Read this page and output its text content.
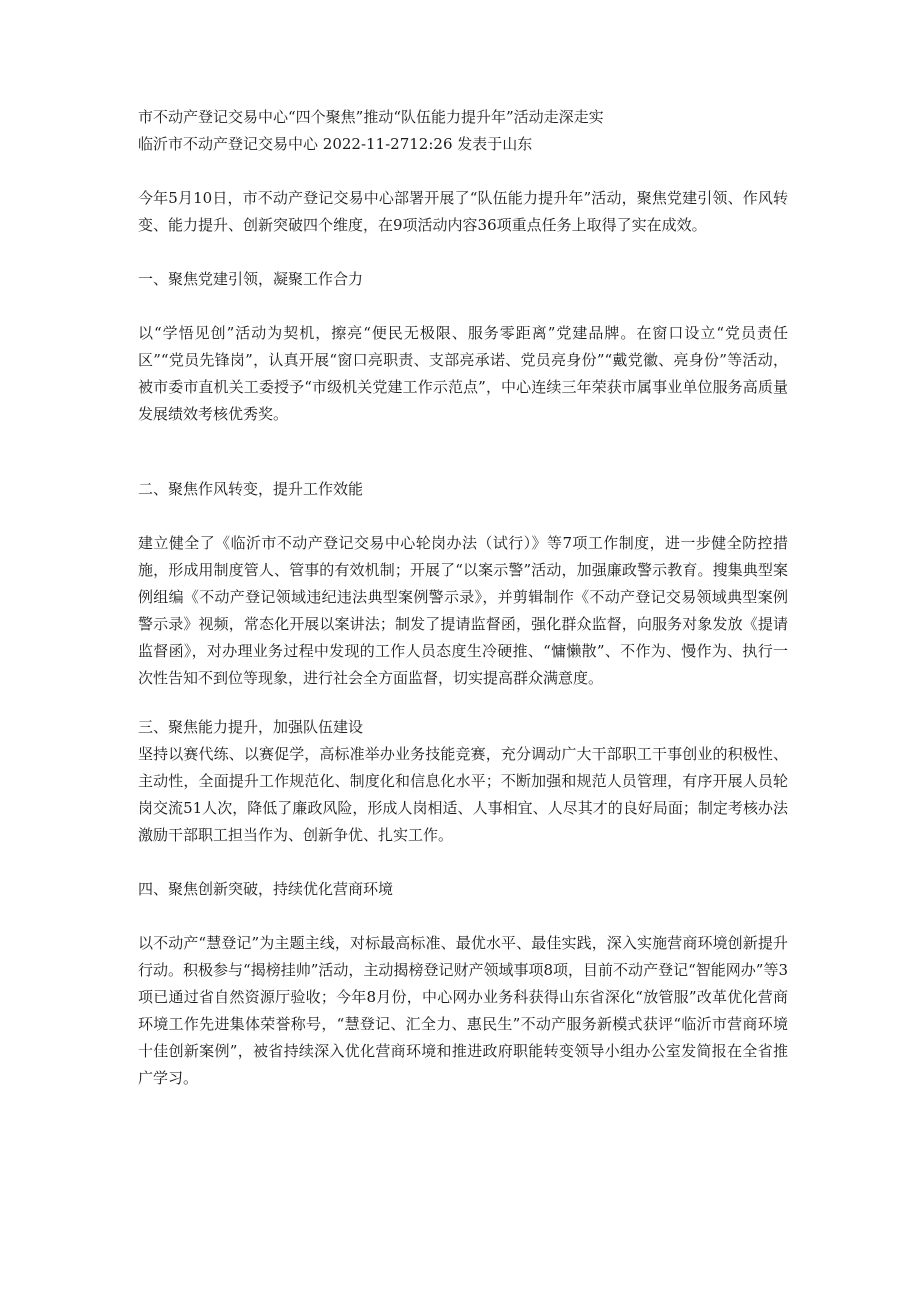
市不动产登记交易中心“四个聚焦”推动“队伍能力提升年”活动走深走实

临沂市不动产登记交易中心 2022-11-2712:26 发表于山东

今年5月10日，市不动产登记交易中心部署开展了“队伍能力提升年”活动，聚焦党建引领、作风转变、能力提升、创新突破四个维度，在9项活动内容36项重点任务上取得了实在成效。

一、聚焦党建引领，凝聚工作合力

以“学悟见创”活动为契机，擦亮“便民无极限、服务零距离”党建品牌。在窗口设立“党员责任区”“党员先锋岗”，认真开展“窗口亮职责、支部亮承诺、党员亮身份”“戴党徽、亮身份”等活动，被市委市直机关工委授予“市级机关党建工作示范点”，中心连续三年荣获市属事业单位服务高质量发展绩效考核优秀奖。

二、聚焦作风转变，提升工作效能

建立健全了《临沂市不动产登记交易中心轮岗办法（试行）》等7项工作制度，进一步健全防控措施，形成用制度管人、管事的有效机制；开展了“以案示警”活动，加强廉政警示教育。搜集典型案例组编《不动产登记领域违纪违法典型案例警示录》，并剪辑制作《不动产登记交易领域典型案例警示录》视频，常态化开展以案讲法；制发了提请监督函，强化群众监督，向服务对象发放《提请监督函》，对办理业务过程中发现的工作人员态度生冷硬推、“慵懒散”、不作为、慢作为、执行一次性告知不到位等现象，进行社会全方面监督，切实提高群众满意度。

三、聚焦能力提升，加强队伍建设

坚持以赛代练、以赛促学，高标准举办业务技能竞赛，充分调动广大干部职工干事创业的积极性、主动性，全面提升工作规范化、制度化和信息化水平；不断加强和规范人员管理，有序开展人员轮岗交流51人次，降低了廉政风险，形成人岗相适、人事相宜、人尽其才的良好局面；制定考核办法激励干部职工担当作为、创新争优、扎实工作。

四、聚焦创新突破，持续优化营商环境

以不动产“慧登记”为主题主线，对标最高标准、最优水平、最佳实践，深入实施营商环境创新提升行动。积极参与“揭榜挂帅”活动，主动揭榜登记财产领域事项8项，目前不动产登记“智能网办”等3项已通过省自然资源厅验收；今年8月份，中心网办业务科获得山东省深化“放管服”改革优化营商环境工作先进集体荣誉称号，“慧登记、汇全力、惠民生”不动产服务新模式获评“临沂市营商环境十佳创新案例”，被省持续深入优化营商环境和推进政府职能转变领导小组办公室发简报在全省推广学习。
